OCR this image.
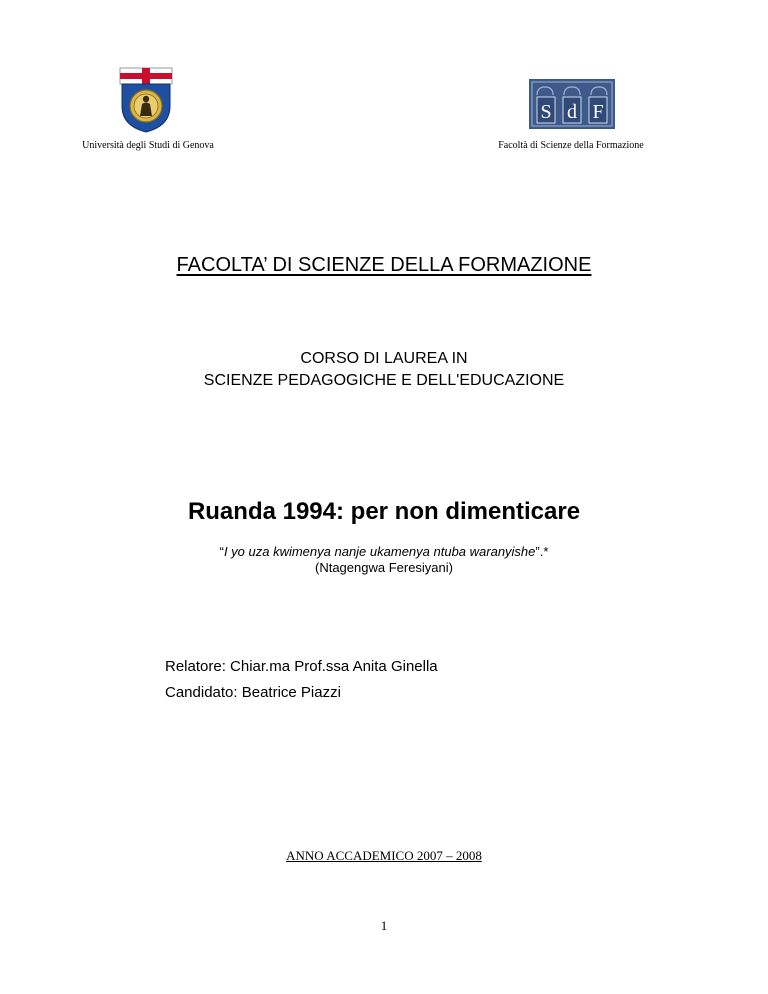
S d F
Università degli Studi di Genova	Facoltà di Scienze della Formazione
FACOLTA’ DI SCIENZE DELLA FORMAZIONE
CORSO DI LAUREA IN
SCIENZE PEDAGOGICHE E DELL'EDUCAZIONE
Ruanda 1994: per non dimenticare
“I yo uza kwimenya nanje ukamenya ntuba waranyishe”.*
(Ntagengwa Feresiyani)
Relatore: Chiar.ma Prof.ssa Anita Ginella
Candidato: Beatrice Piazzi
ANNO ACCADEMICO 2007 – 2008
1
